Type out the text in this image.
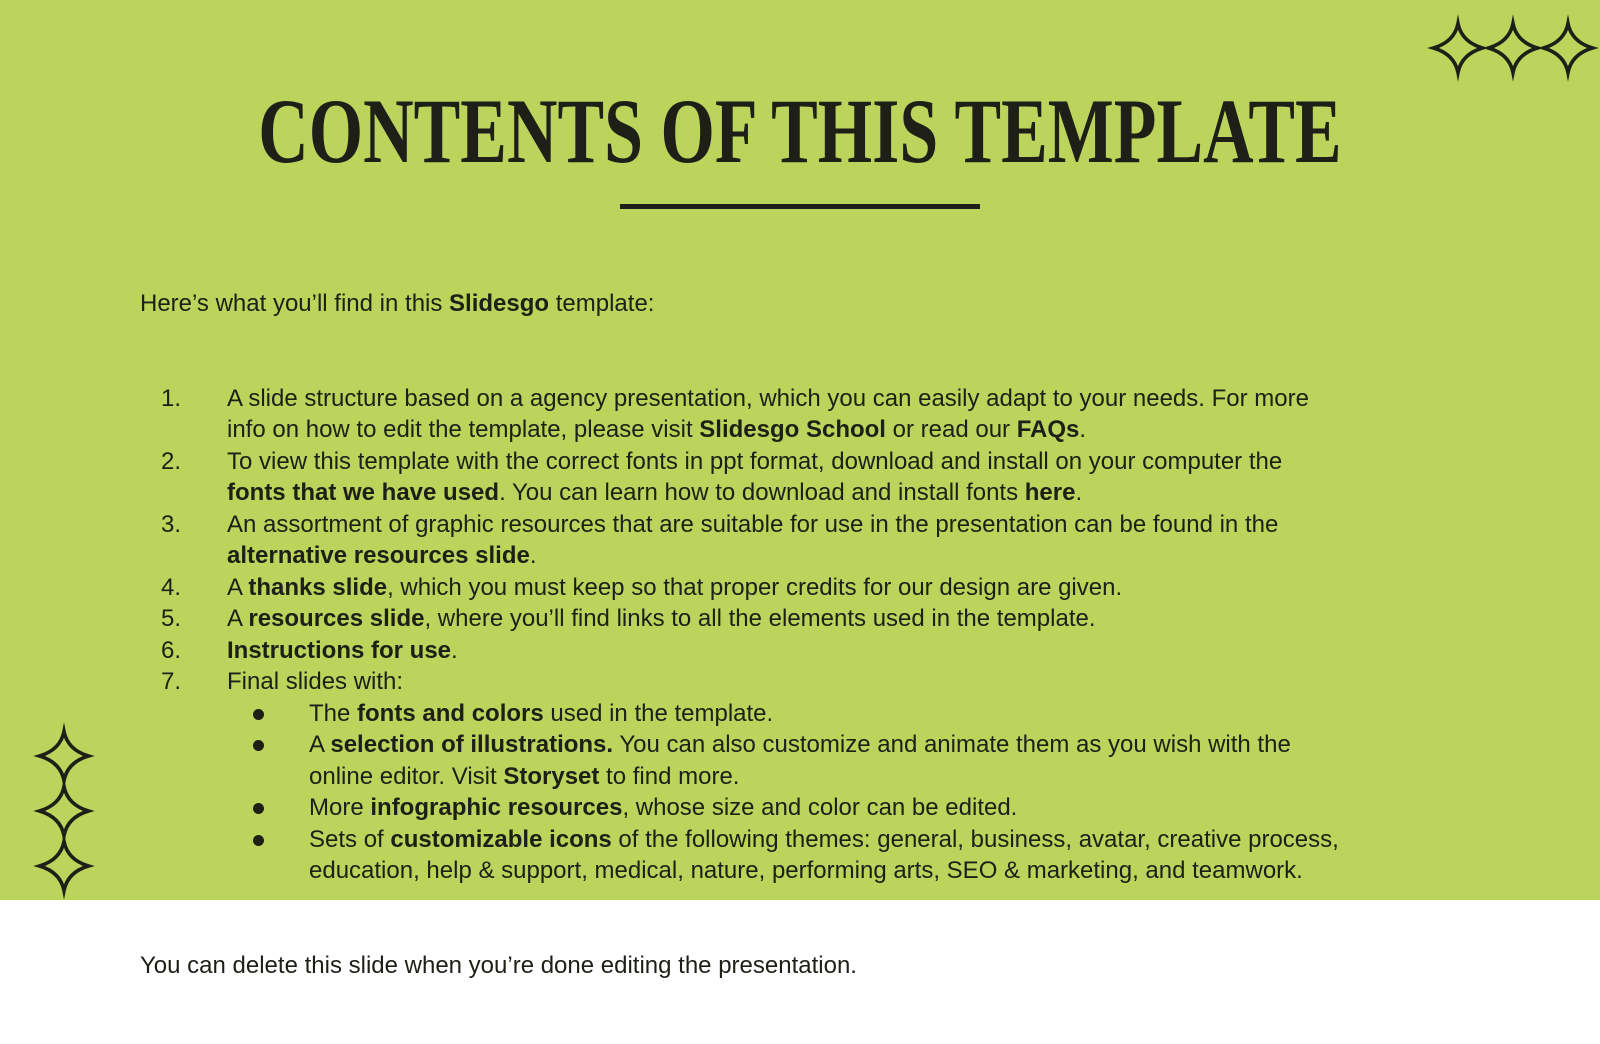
CONTENTS OF THIS TEMPLATE

Here’s what you’ll find in this Slidesgo template:

1. A slide structure based on a agency presentation, which you can easily adapt to your needs. For more
info on how to edit the template, please visit Slidesgo School or read our FAQs.
2. To view this template with the correct fonts in ppt format, download and install on your computer the
fonts that we have used. You can learn how to download and install fonts here.
3. An assortment of graphic resources that are suitable for use in the presentation can be found in the
alternative resources slide.
4. A thanks slide, which you must keep so that proper credits for our design are given.
5. A resources slide, where you’ll find links to all the elements used in the template.
6. Instructions for use.
7. Final slides with:
The fonts and colors used in the template.
A selection of illustrations. You can also customize and animate them as you wish with the
online editor. Visit Storyset to find more.
More infographic resources, whose size and color can be edited.
Sets of customizable icons of the following themes: general, business, avatar, creative process,
education, help & support, medical, nature, performing arts, SEO & marketing, and teamwork.

You can delete this slide when you’re done editing the presentation.
